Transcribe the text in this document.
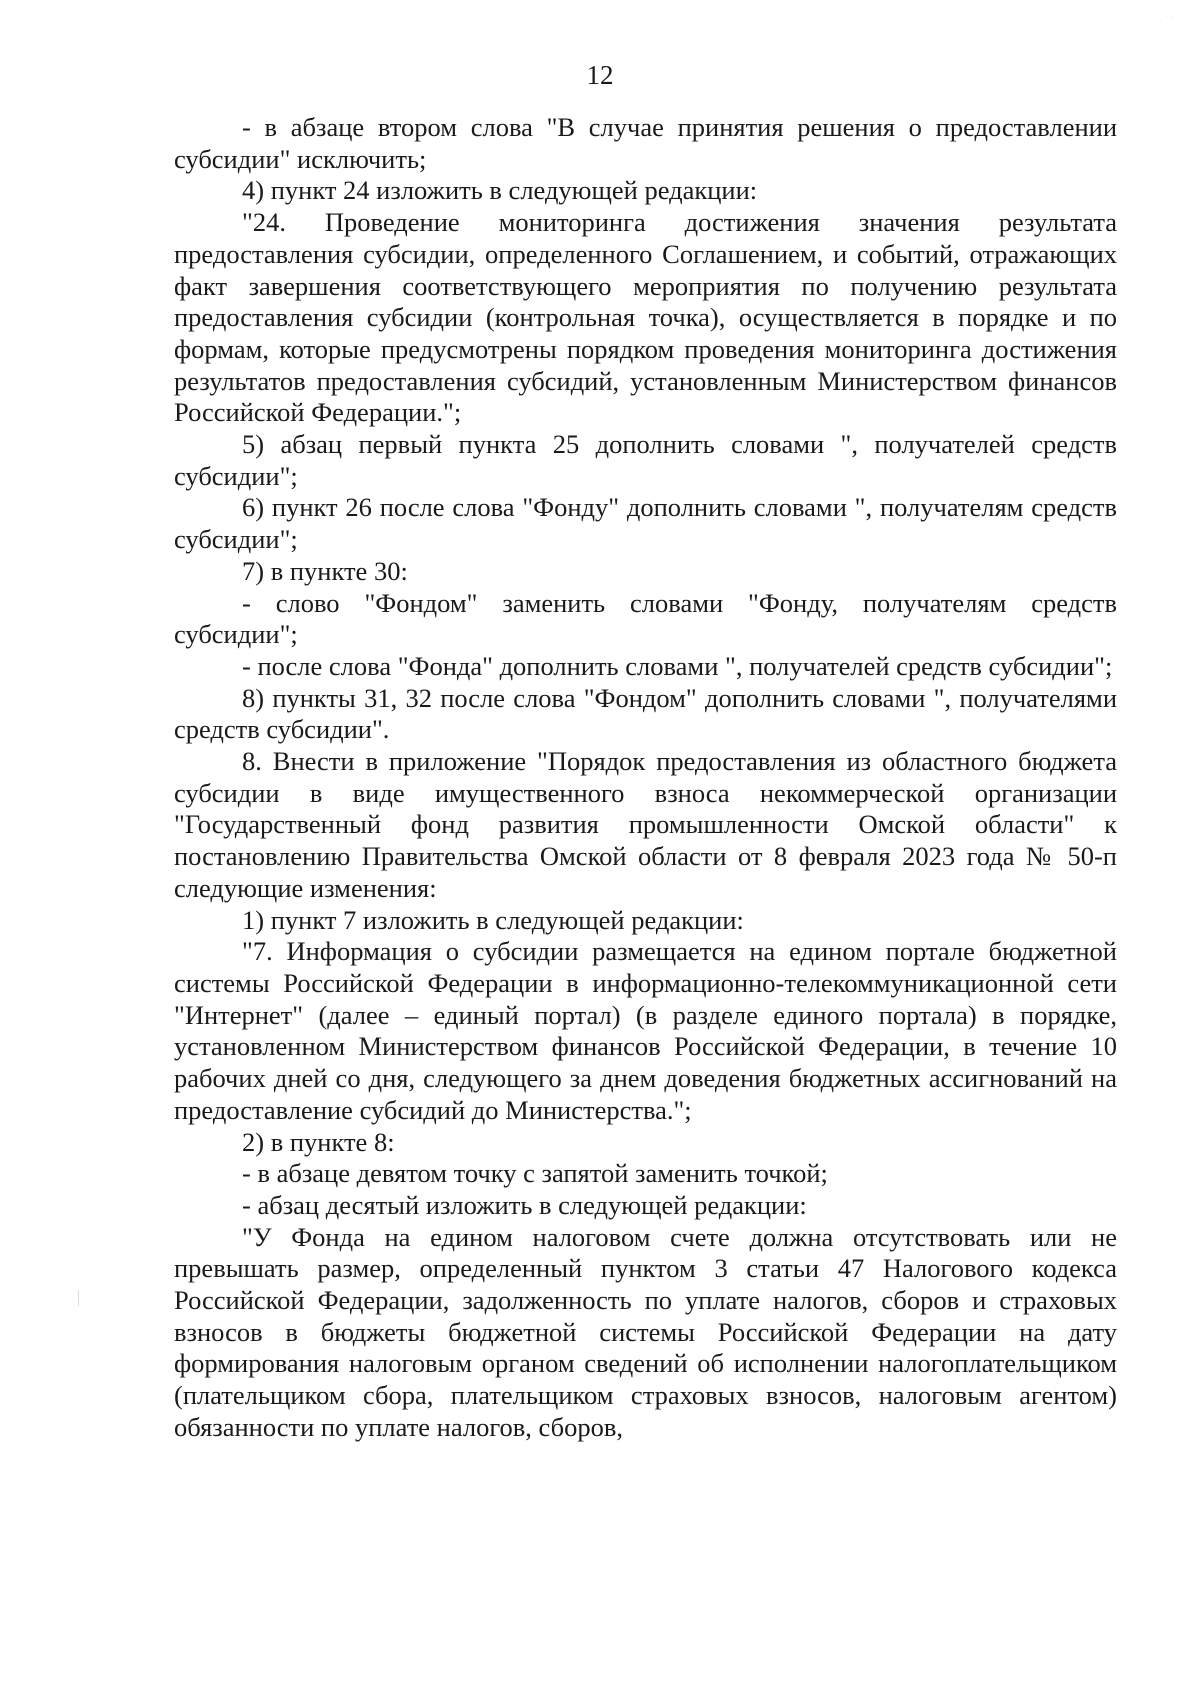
· · ·
12

- в абзаце втором слова "В случае принятия решения о предоставлении субсидии" исключить;

4) пункт 24 изложить в следующей редакции:

"24. Проведение мониторинга достижения значения результата предоставления субсидии, определенного Соглашением, и событий, отражающих факт завершения соответствующего мероприятия по получению результата предоставления субсидии (контрольная точка), осуществляется в порядке и по формам, которые предусмотрены порядком проведения мониторинга достижения результатов предоставления субсидий, установленным Министерством финансов Российской Федерации.";

5) абзац первый пункта 25 дополнить словами ", получателей средств субсидии";

6) пункт 26 после слова "Фонду" дополнить словами ", получателям средств субсидии";

7) в пункте 30:

- слово "Фондом" заменить словами "Фонду, получателям средств субсидии";

- после слова "Фонда" дополнить словами ", получателей средств субсидии";

8) пункты 31, 32 после слова "Фондом" дополнить словами ", получателями средств субсидии".

8. Внести в приложение "Порядок предоставления из областного бюджета субсидии в виде имущественного взноса некоммерческой организации "Государственный фонд развития промышленности Омской области" к постановлению Правительства Омской области от 8 февраля 2023 года № 50-п следующие изменения:

1) пункт 7 изложить в следующей редакции:

"7. Информация о субсидии размещается на едином портале бюджетной системы Российской Федерации в информационно-телекоммуникационной сети "Интернет" (далее – единый портал) (в разделе единого портала) в порядке, установленном Министерством финансов Российской Федерации, в течение 10 рабочих дней со дня, следующего за днем доведения бюджетных ассигнований на предоставление субсидий до Министерства.";

2) в пункте 8:

- в абзаце девятом точку с запятой заменить точкой;

- абзац десятый изложить в следующей редакции:

"У Фонда на едином налоговом счете должна отсутствовать или не превышать размер, определенный пунктом 3 статьи 47 Налогового кодекса Российской Федерации, задолженность по уплате налогов, сборов и страховых взносов в бюджеты бюджетной системы Российской Федерации на дату формирования налоговым органом сведений об исполнении налогоплательщиком (плательщиком сбора, плательщиком страховых взносов, налоговым агентом) обязанности по уплате налогов, сборов,
